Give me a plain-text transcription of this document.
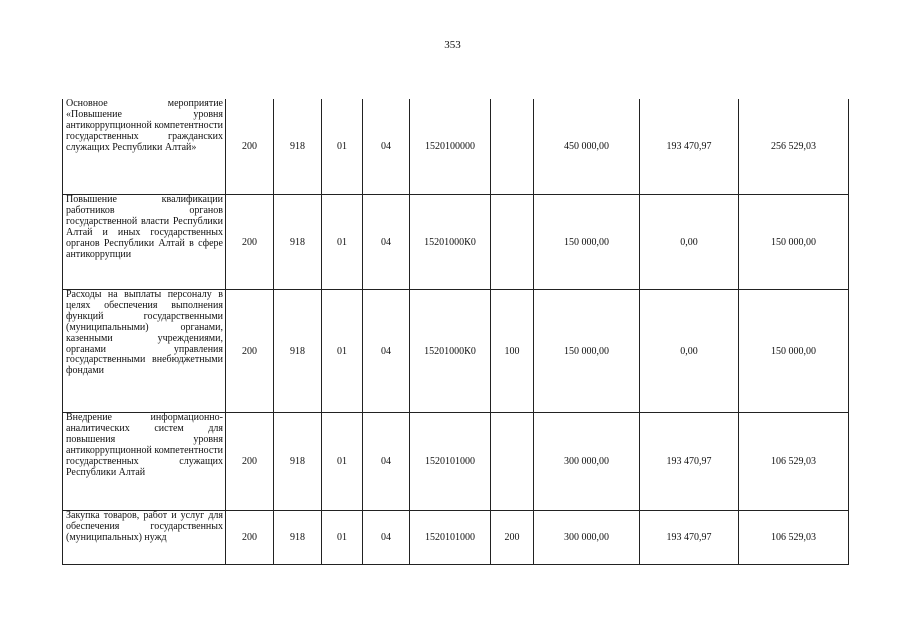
353
Основное мероприятие «Повышение уровня антикоррупционной компетентности государственных гражданских служащих Республики Алтай»	200	918	01	04	1520100000		450 000,00	193 470,97	256 529,03
Повышение квалификации работников органов государственной власти Республики Алтай и иных государственных органов Республики Алтай в сфере антикоррупции	200	918	01	04	15201000К0		150 000,00	0,00	150 000,00
Расходы на выплаты персоналу в целях обеспечения выполнения функций государственными (муниципальными) органами, казенными учреждениями, органами управления государственными внебюджетными фондами	200	918	01	04	15201000К0	100	150 000,00	0,00	150 000,00
Внедрение информационно-аналитических систем для повышения уровня антикоррупционной компетентности государственных служащих Республики Алтай	200	918	01	04	1520101000		300 000,00	193 470,97	106 529,03
Закупка товаров, работ и услуг для обеспечения государственных (муниципальных) нужд	200	918	01	04	1520101000	200	300 000,00	193 470,97	106 529,03
